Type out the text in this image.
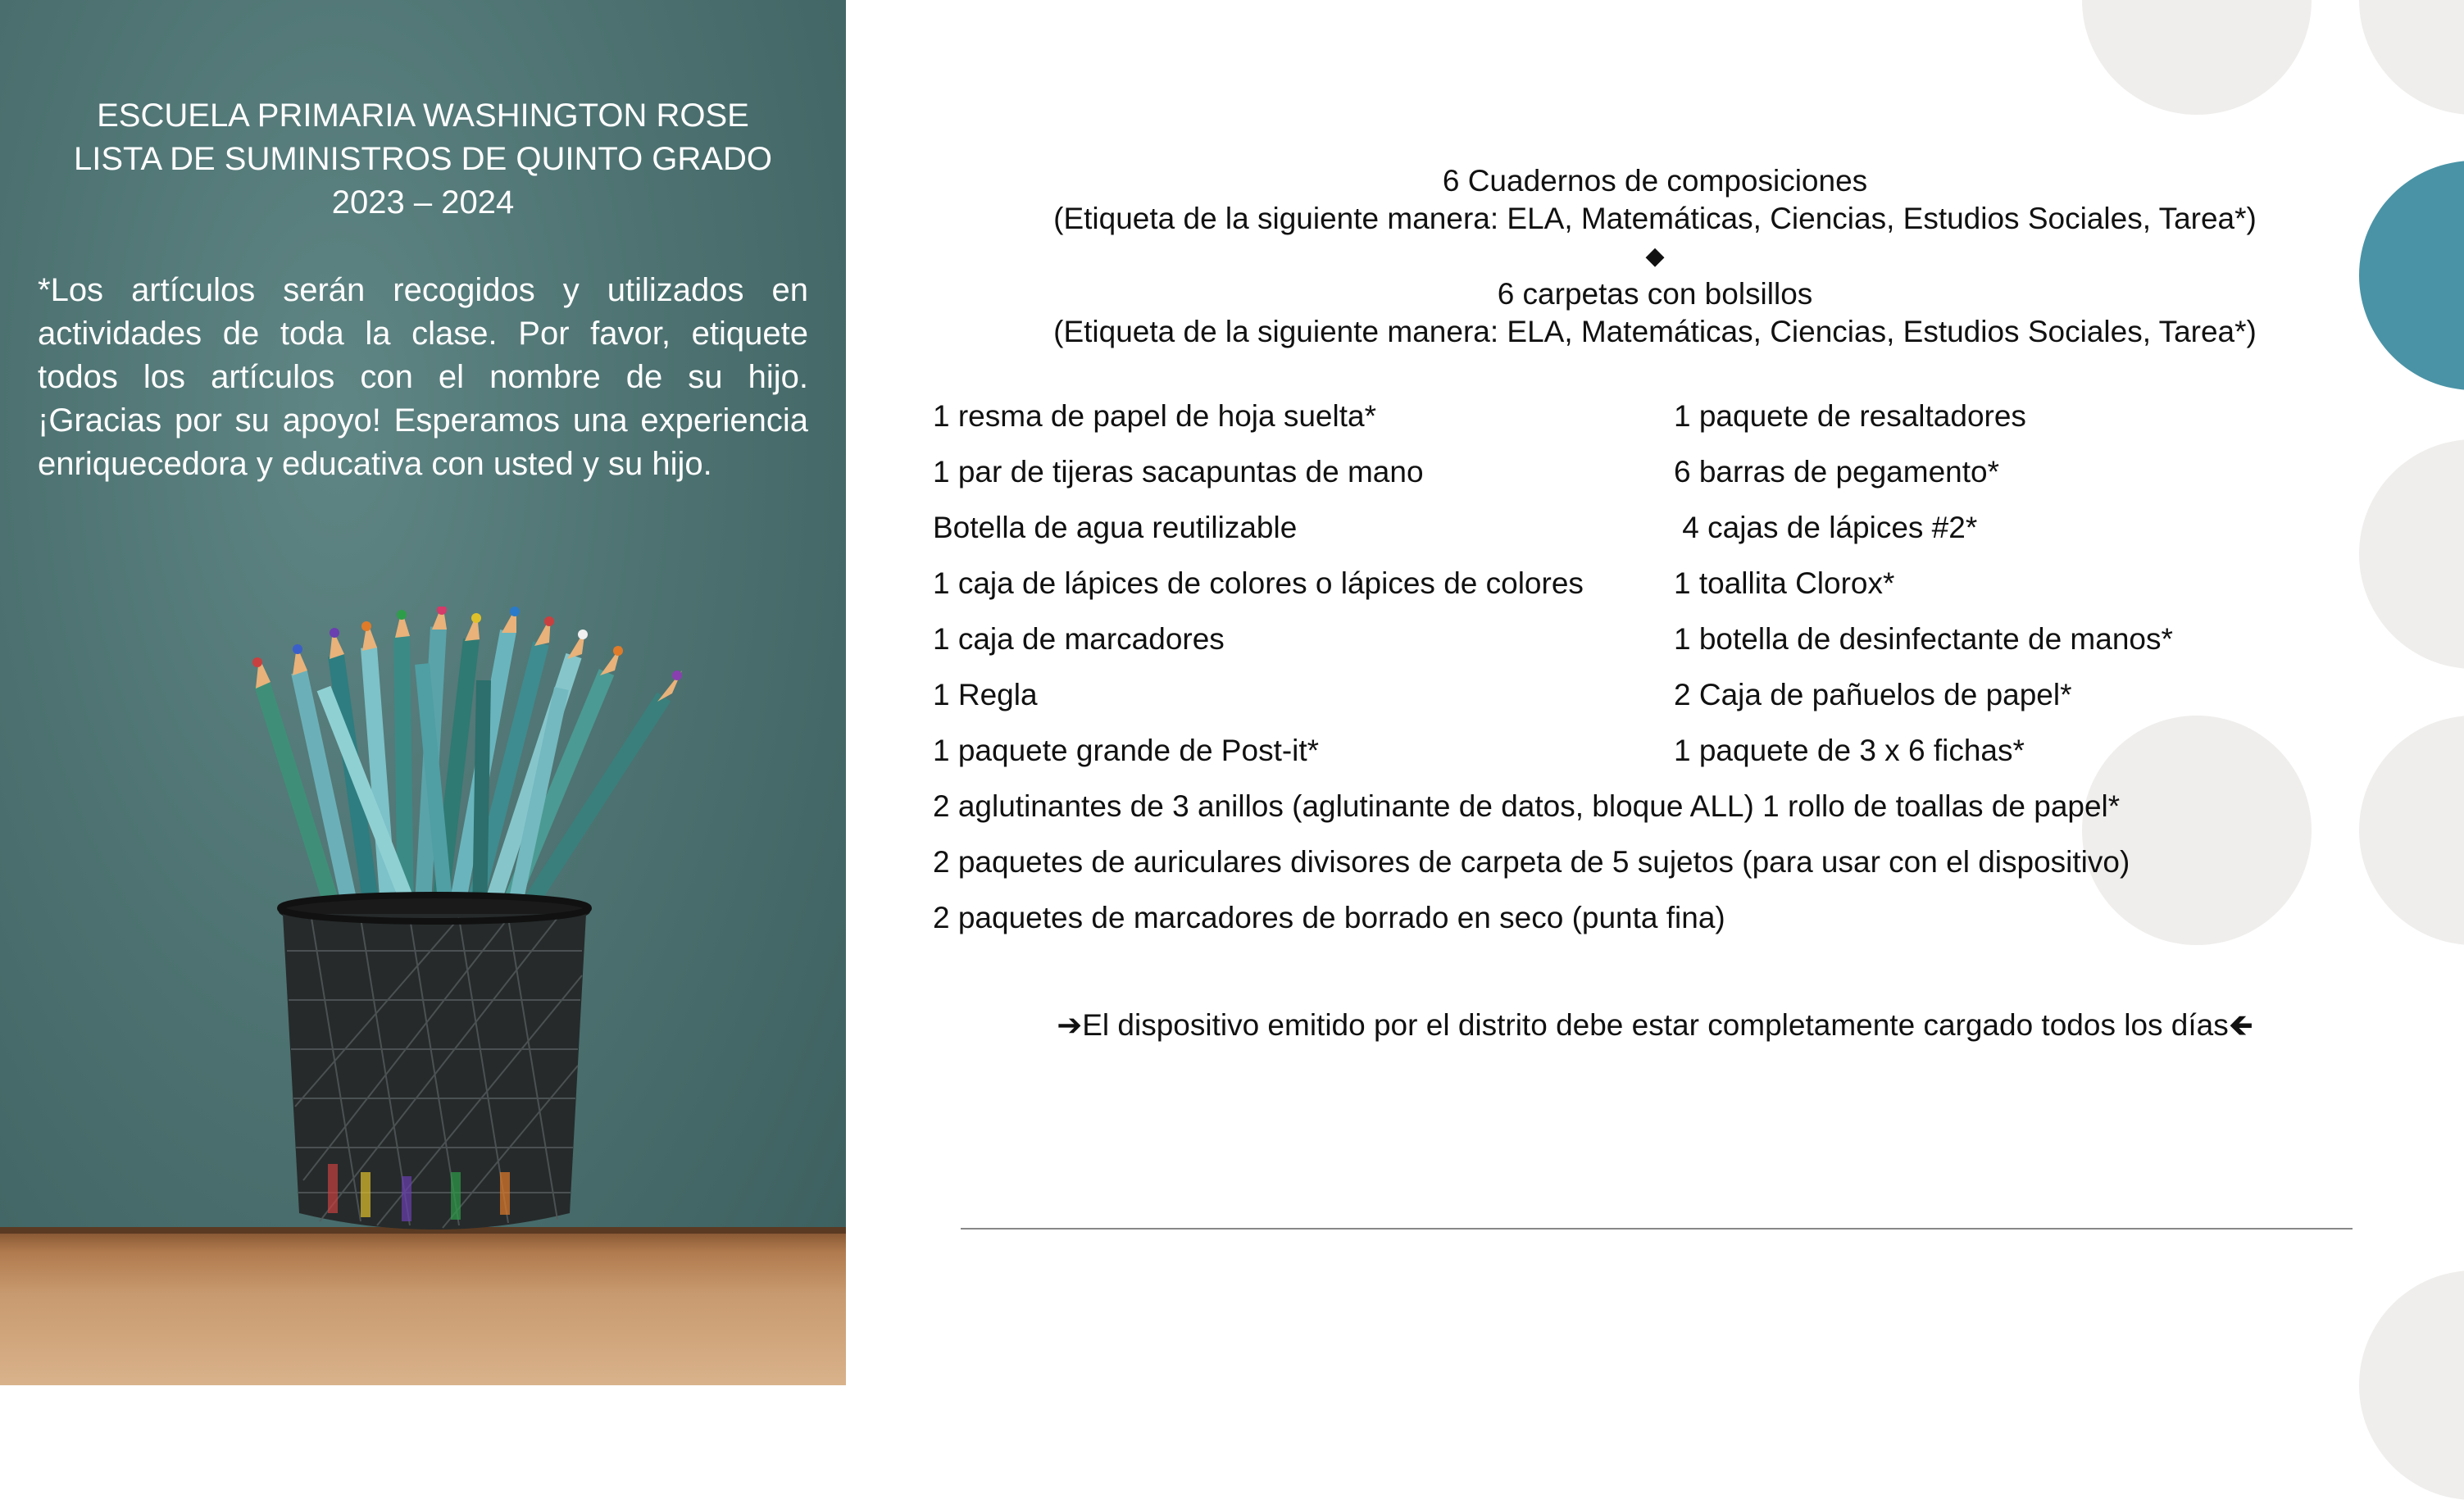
ESCUELA PRIMARIA WASHINGTON ROSE
LISTA DE SUMINISTROS DE QUINTO GRADO
2023 – 2024
*Los artículos serán recogidos y utilizados en actividades de toda la clase. Por favor, etiquete todos los artículos con el nombre de su hijo. ¡Gracias por su apoyo! Esperamos una experiencia enriquecedora y educativa con usted y su hijo.
6 Cuadernos de composiciones
(Etiqueta de la siguiente manera: ELA, Matemáticas, Ciencias, Estudios Sociales, Tarea*)
◆
6 carpetas con bolsillos
(Etiqueta de la siguiente manera: ELA, Matemáticas, Ciencias, Estudios Sociales, Tarea*)
1 resma de papel de hoja suelta*
1 par de tijeras sacapuntas de mano
Botella de agua reutilizable
1 caja de lápices de colores o lápices de colores
1 caja de marcadores
1 Regla
1 paquete grande de Post-it*
1 paquete de resaltadores
6 barras de pegamento*
4 cajas de lápices #2*
1 toallita Clorox*
1 botella de desinfectante de manos*
2 Caja de pañuelos de papel*
1 paquete de 3 x 6 fichas*
2 aglutinantes de 3 anillos (aglutinante de datos, bloque ALL) 1 rollo de toallas de papel*
2 paquetes de auriculares divisores de carpeta de 5 sujetos (para usar con el dispositivo)
2 paquetes de marcadores de borrado en seco (punta fina)
➔El dispositivo emitido por el distrito debe estar completamente cargado todos los días🡸
